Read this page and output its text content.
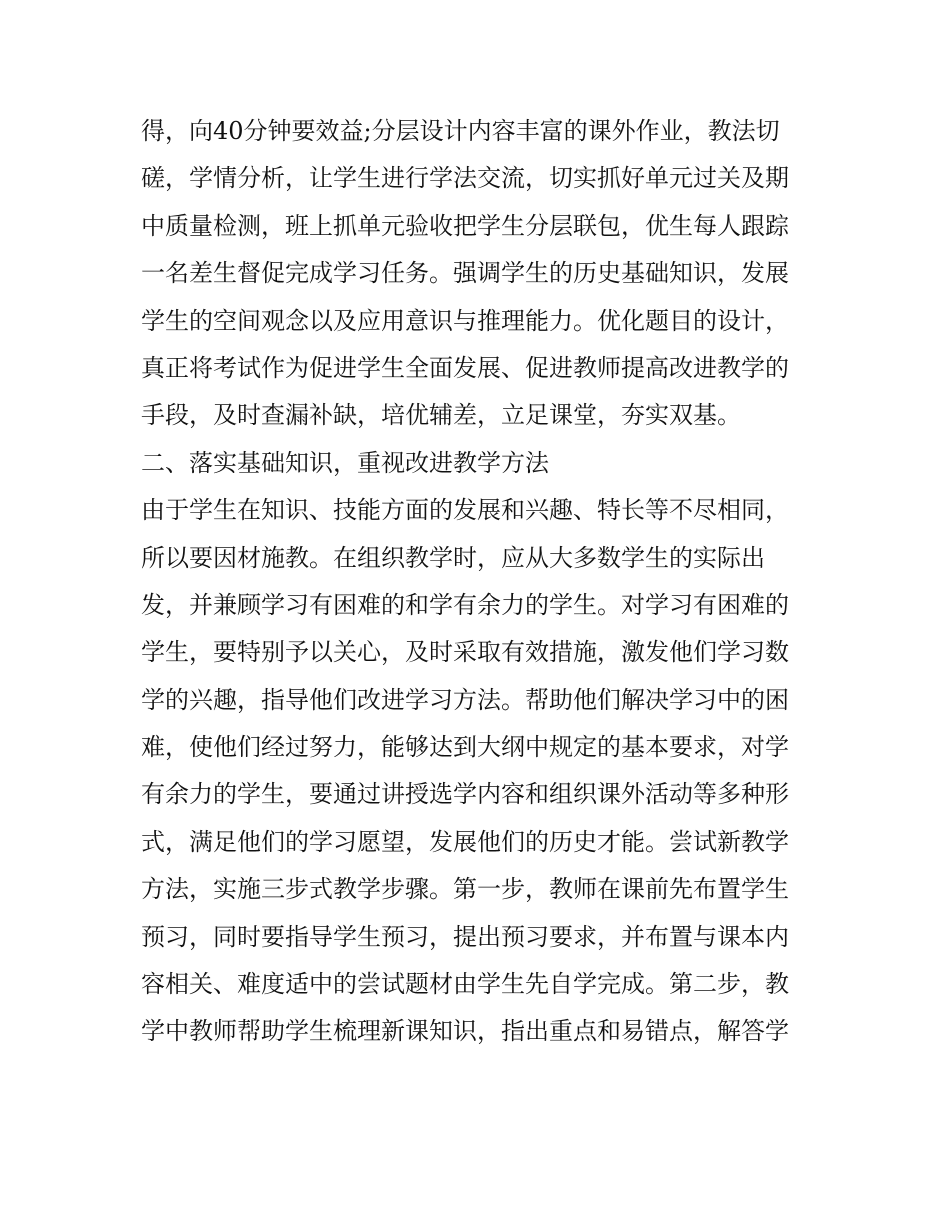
得，向40分钟要效益;分层设计内容丰富的课外作业，教法切
磋，学情分析，让学生进行学法交流，切实抓好单元过关及期
中质量检测，班上抓单元验收把学生分层联包，优生每人跟踪
一名差生督促完成学习任务。强调学生的历史基础知识，发展
学生的空间观念以及应用意识与推理能力。优化题目的设计，
真正将考试作为促进学生全面发展、促进教师提高改进教学的
手段，及时查漏补缺，培优辅差，立足课堂，夯实双基。
二、落实基础知识，重视改进教学方法
由于学生在知识、技能方面的发展和兴趣、特长等不尽相同，
所以要因材施教。在组织教学时，应从大多数学生的实际出
发，并兼顾学习有困难的和学有余力的学生。对学习有困难的
学生，要特别予以关心，及时采取有效措施，激发他们学习数
学的兴趣，指导他们改进学习方法。帮助他们解决学习中的困
难，使他们经过努力，能够达到大纲中规定的基本要求，对学
有余力的学生，要通过讲授选学内容和组织课外活动等多种形
式，满足他们的学习愿望，发展他们的历史才能。尝试新教学
方法，实施三步式教学步骤。第一步，教师在课前先布置学生
预习，同时要指导学生预习，提出预习要求，并布置与课本内
容相关、难度适中的尝试题材由学生先自学完成。第二步，教
学中教师帮助学生梳理新课知识，指出重点和易错点，解答学
